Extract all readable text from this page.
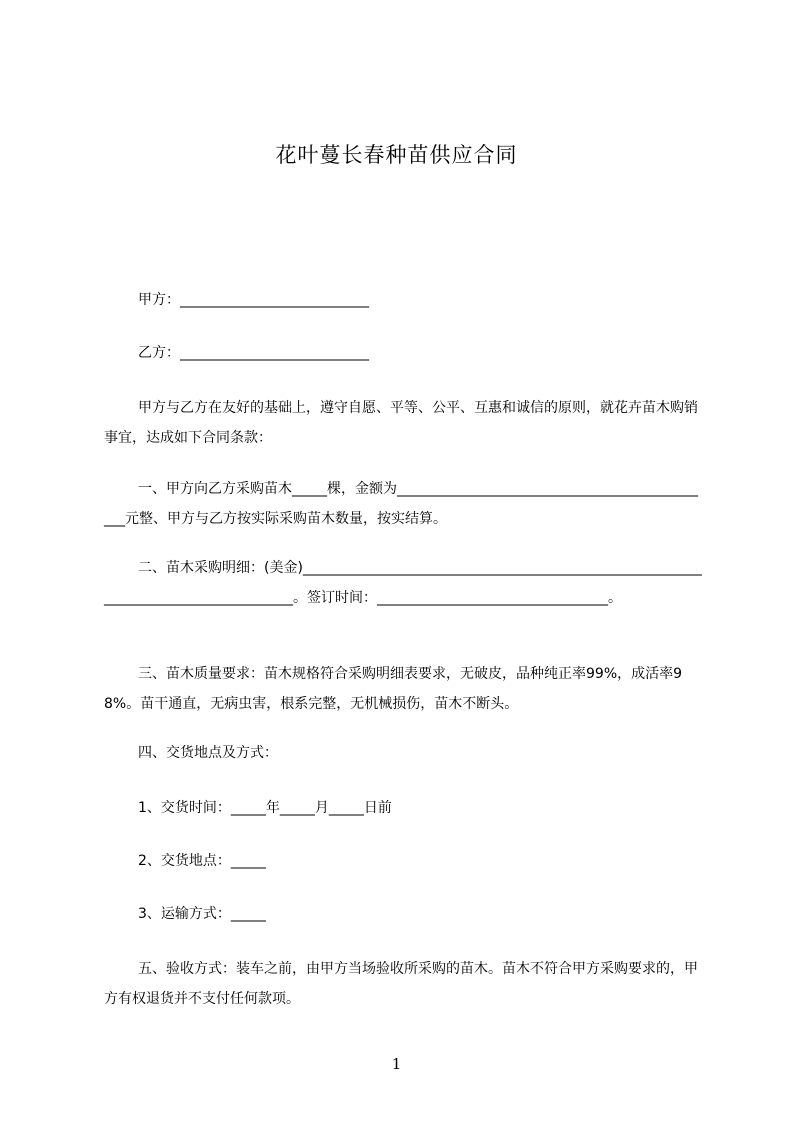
花叶蔓长春种苗供应合同
甲方：___________________________
乙方：___________________________
甲方与乙方在友好的基础上，遵守自愿、平等、公平、互惠和诚信的原则，就花卉苗木购销事宜，达成如下合同条款：
一、甲方向乙方采购苗木_____棵，金额为______________________________________________元整、甲方与乙方按实际采购苗木数量，按实结算。
二、苗木采购明细：(美金)____________________________________________________________________________________。签订时间：_________________________________。
三、苗木质量要求：苗木规格符合采购明细表要求，无破皮，品种纯正率99%，成活率98%。苗干通直，无病虫害，根系完整，无机械损伤，苗木不断头。
四、交货地点及方式：
1、交货时间：_____年_____月_____日前
2、交货地点：_____
3、运输方式：_____
五、验收方式：装车之前，由甲方当场验收所采购的苗木。苗木不符合甲方采购要求的，甲方有权退货并不支付任何款项。
1
